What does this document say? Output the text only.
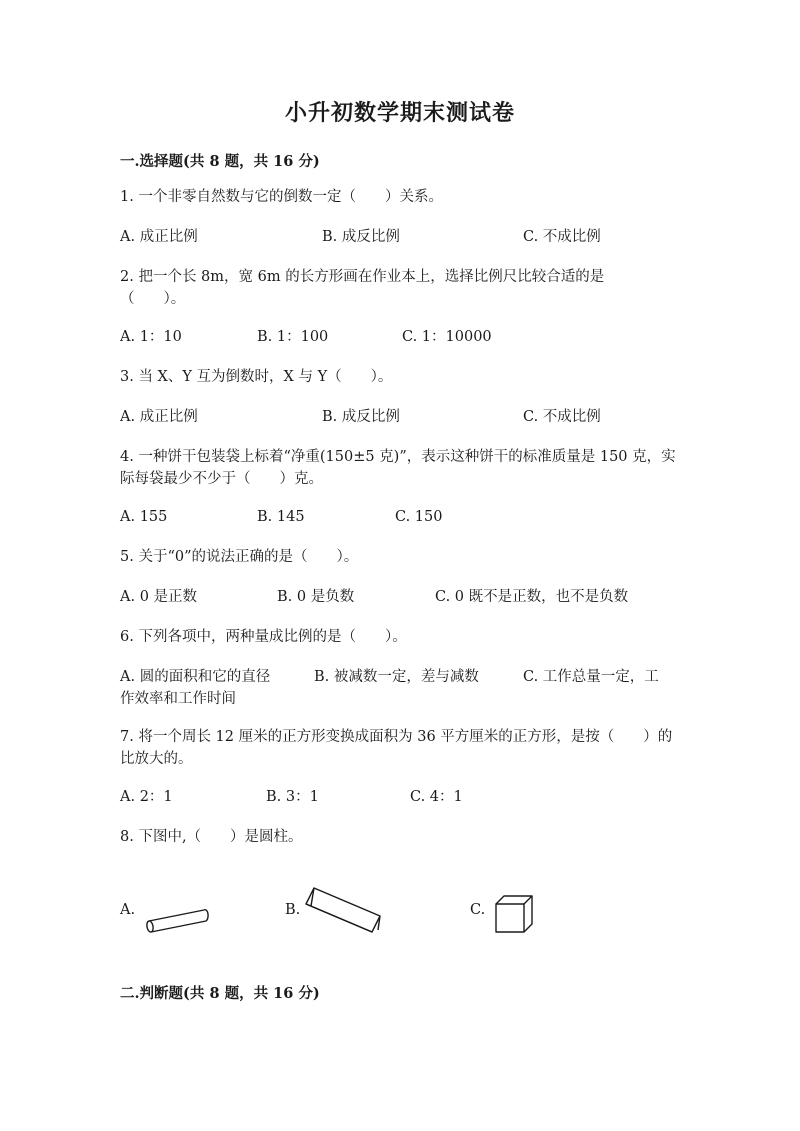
小升初数学期末测试卷
一.选择题(共 8 题，共 16 分)
1. 一个非零自然数与它的倒数一定（　　）关系。
A. 成正比例	B. 成反比例	C. 不成比例
2. 把一个长 8m，宽 6m 的长方形画在作业本上，选择比例尺比较合适的是（　　）。
A. 1：10	B. 1：100	C. 1：10000
3. 当 X、Y 互为倒数时，X 与 Y（　　）。
A. 成正比例	B. 成反比例	C. 不成比例
4. 一种饼干包装袋上标着“净重(150±5 克)”，表示这种饼干的标准质量是 150 克，实际每袋最少不少于（　　）克。
A. 155	B. 145	C. 150
5. 关于“0”的说法正确的是（　　）。
A. 0 是正数	B. 0 是负数	C. 0 既不是正数，也不是负数
6. 下列各项中，两种量成比例的是（　　）。
A. 圆的面积和它的直径	B. 被减数一定，差与减数	C. 工作总量一定，工作效率和工作时间
7. 将一个周长 12 厘米的正方形变换成面积为 36 平方厘米的正方形，是按（　　）的比放大的。
A. 2：1	B. 3：1	C. 4：1
8. 下图中,（　　）是圆柱。
A.	B.	C.
二.判断题(共 8 题，共 16 分)
